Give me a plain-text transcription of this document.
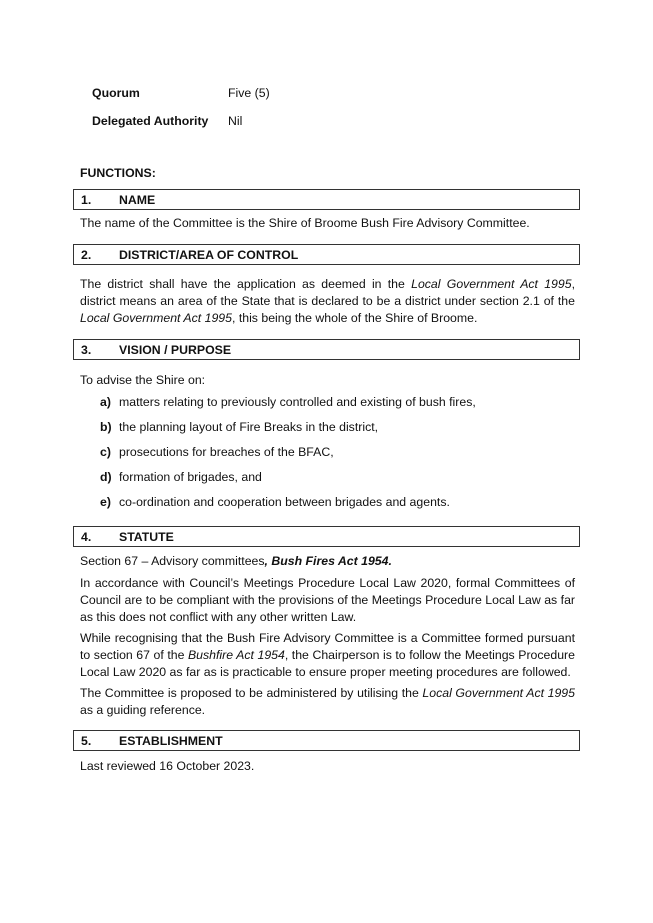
Quorum	Five (5)
Delegated Authority Nil
FUNCTIONS:
1. NAME

The name of the Committee is the Shire of Broome Bush Fire Advisory Committee.

2. DISTRICT/AREA OF CONTROL

The district shall have the application as deemed in the Local Government Act 1995, district means an area of the State that is declared to be a district under section 2.1 of the Local Government Act 1995, this being the whole of the Shire of Broome.

3. VISION / PURPOSE

To advise the Shire on:

a) matters relating to previously controlled and existing of bush fires,
b) the planning layout of Fire Breaks in the district,
c) prosecutions for breaches of the BFAC,
d) formation of brigades, and
e) co-ordination and cooperation between brigades and agents.
4. STATUTE

Section 67 – Advisory committees, Bush Fires Act 1954.

In accordance with Council’s Meetings Procedure Local Law 2020, formal Committees of Council are to be compliant with the provisions of the Meetings Procedure Local Law as far as this does not conflict with any other written Law.

While recognising that the Bush Fire Advisory Committee is a Committee formed pursuant to section 67 of the Bushfire Act 1954, the Chairperson is to follow the Meetings Procedure Local Law 2020 as far as is practicable to ensure proper meeting procedures are followed.

The Committee is proposed to be administered by utilising the Local Government Act 1995 as a guiding reference.

5. ESTABLISHMENT

Last reviewed 16 October 2023.
